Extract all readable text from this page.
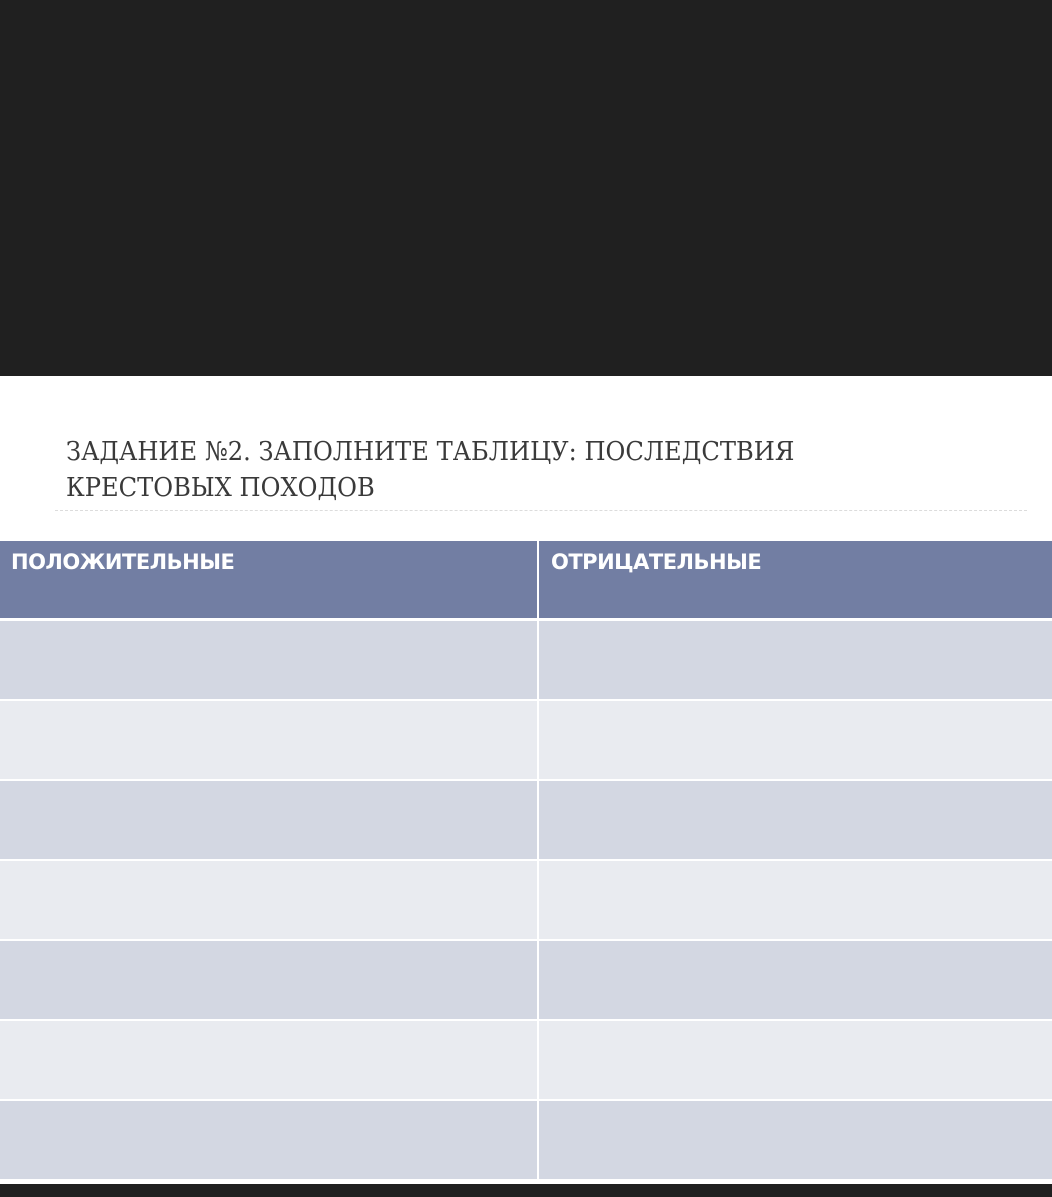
ЗАДАНИЕ №2. ЗАПОЛНИТЕ ТАБЛИЦУ: ПОСЛЕДСТВИЯ КРЕСТОВЫХ ПОХОДОВ
ПОЛОЖИТЕЛЬНЫЕ	ОТРИЦАТЕЛЬНЫЕ
